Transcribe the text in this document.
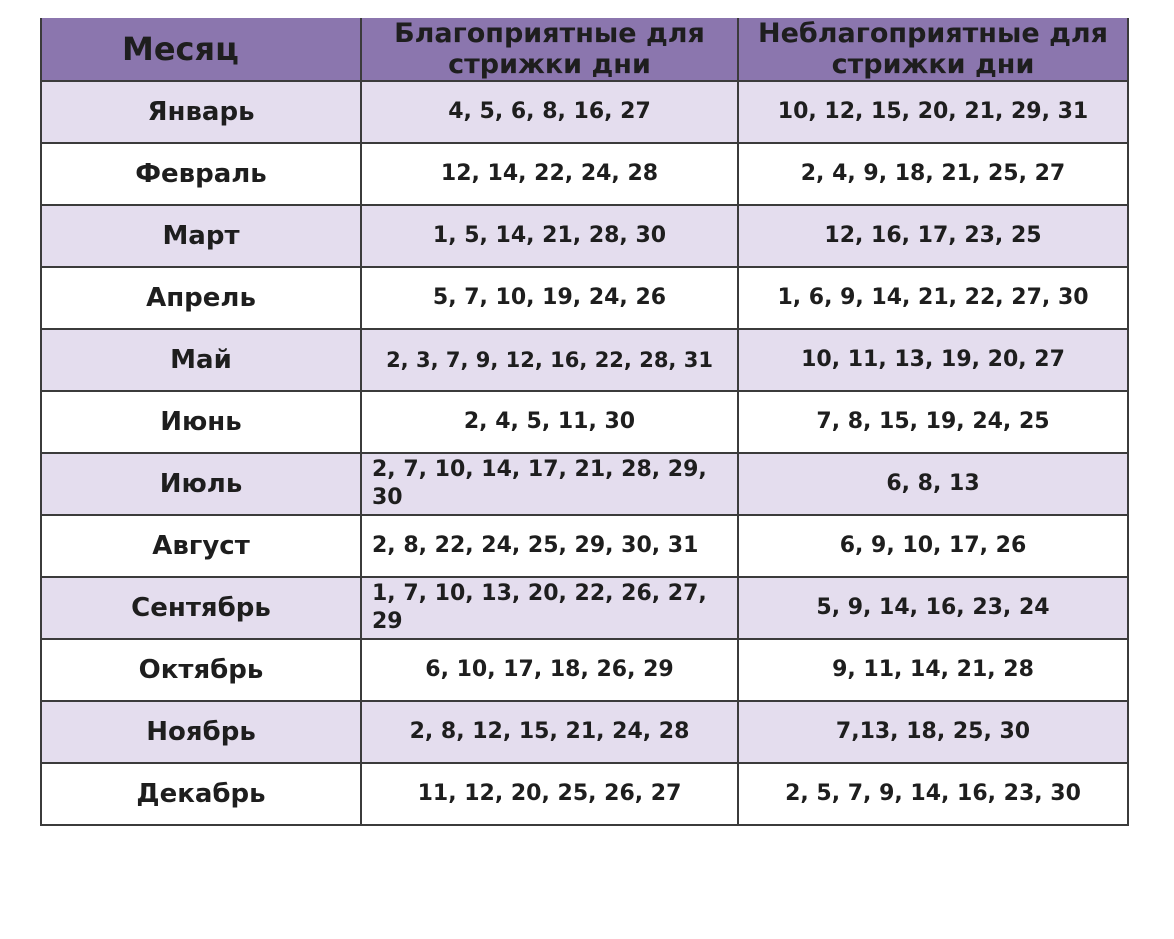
Месяц	Благоприятные для стрижки дни	Неблагоприятные для стрижки дни
Январь	4, 5, 6, 8, 16, 27	10, 12, 15, 20, 21, 29, 31
Февраль	12, 14, 22, 24, 28	2, 4, 9, 18, 21, 25, 27
Март	1, 5, 14, 21, 28, 30	12, 16, 17, 23, 25
Апрель	5, 7, 10, 19, 24, 26	1, 6, 9, 14, 21, 22, 27, 30
Май	2, 3, 7, 9, 12, 16, 22, 28, 31	10, 11, 13, 19, 20, 27
Июнь	2, 4, 5, 11, 30	7, 8, 15, 19, 24, 25
Июль	2, 7, 10, 14, 17, 21, 28, 29, 30	6, 8, 13
Август	2, 8, 22, 24, 25, 29, 30, 31	6, 9, 10, 17, 26
Сентябрь	1, 7, 10, 13, 20, 22, 26, 27, 29	5, 9, 14, 16, 23, 24
Октябрь	6, 10, 17, 18, 26, 29	9, 11, 14, 21, 28
Ноябрь	2, 8, 12, 15, 21, 24, 28	7,13, 18, 25, 30
Декабрь	11, 12, 20, 25, 26, 27	2, 5, 7, 9, 14, 16, 23, 30
